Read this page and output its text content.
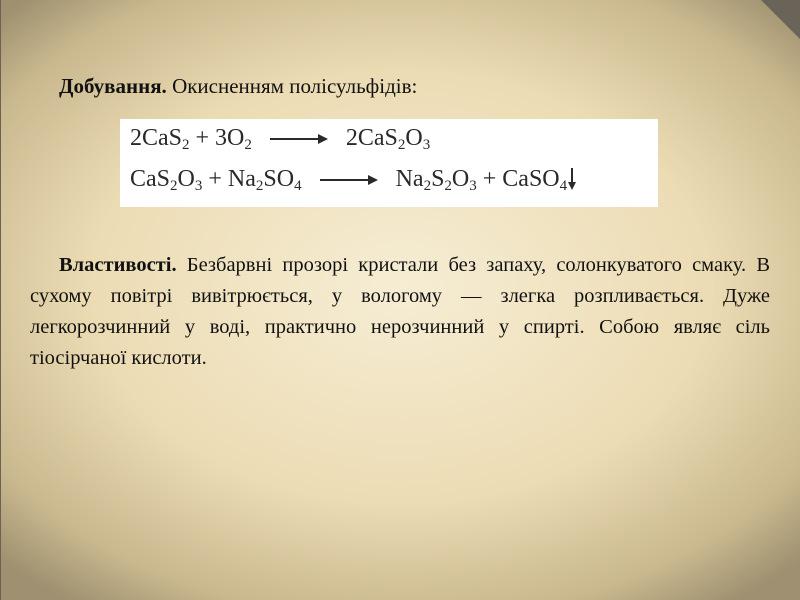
Добування. Окисненням полісульфідів:
$2CaS_2 + 3O_2$	$2CaS_2O_3$
$CaS_2O_3 + Na_2SO_4$	$Na_2S_2O_3$ + CaSO$_4$
Властивості. Безбарвні прозорі кристали без запаху, солонкуватого смаку. В сухому повітрі вивітрюється, у вологому — злегка розпливається. Дуже легкорозчинний у воді, практично нерозчинний у спирті. Собою являє сіль тіосірчаної кислоти.
